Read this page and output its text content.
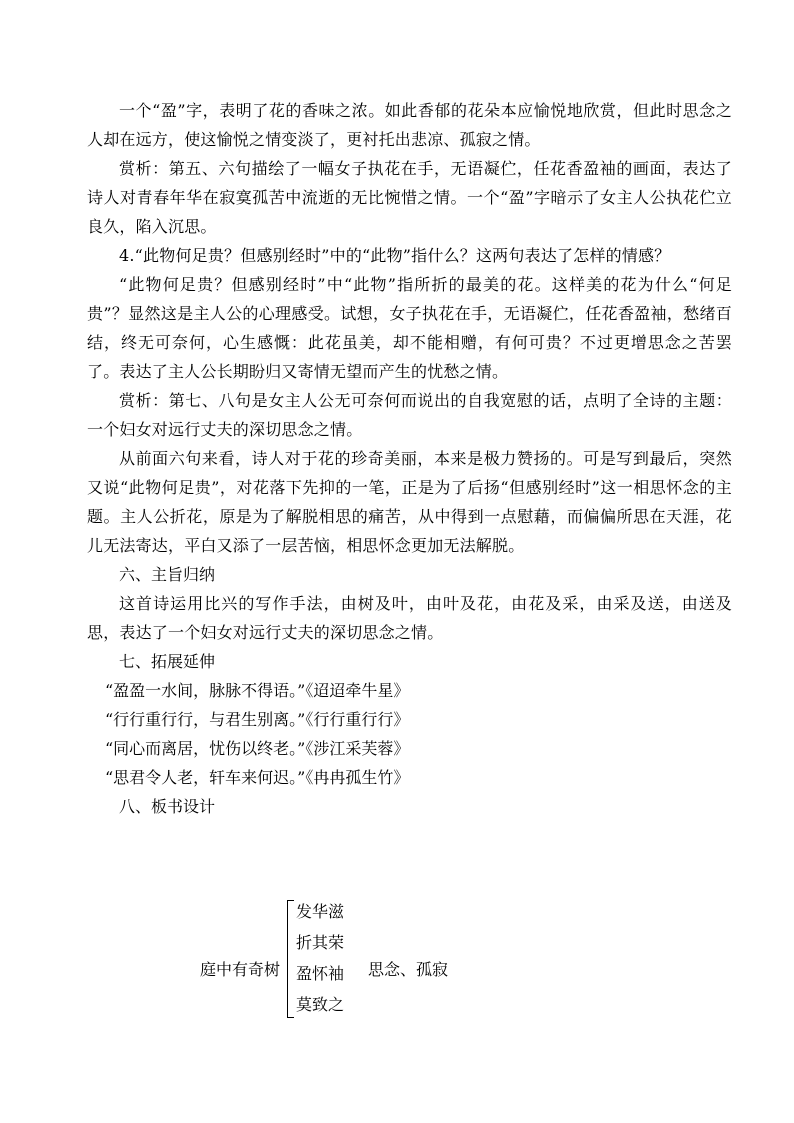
一个“盈”字，表明了花的香味之浓。如此香郁的花朵本应愉悦地欣赏，但此时思念之人却在远方，使这愉悦之情变淡了，更衬托出悲凉、孤寂之情。

赏析：第五、六句描绘了一幅女子执花在手，无语凝伫，任花香盈袖的画面，表达了诗人对青春年华在寂寞孤苦中流逝的无比惋惜之情。一个“盈”字暗示了女主人公执花伫立良久，陷入沉思。

4.“此物何足贵？但感别经时”中的“此物”指什么？这两句表达了怎样的情感？

“此物何足贵？但感别经时”中“此物”指所折的最美的花。这样美的花为什么“何足贵”？显然这是主人公的心理感受。试想，女子执花在手，无语凝伫，任花香盈袖，愁绪百结，终无可奈何，心生感慨：此花虽美，却不能相赠，有何可贵？不过更增思念之苦罢了。表达了主人公长期盼归又寄情无望而产生的忧愁之情。

赏析：第七、八句是女主人公无可奈何而说出的自我宽慰的话，点明了全诗的主题：一个妇女对远行丈夫的深切思念之情。

从前面六句来看，诗人对于花的珍奇美丽，本来是极力赞扬的。可是写到最后，突然又说“此物何足贵”，对花落下先抑的一笔，正是为了后扬“但感别经时”这一相思怀念的主题。主人公折花，原是为了解脱相思的痛苦，从中得到一点慰藉，而偏偏所思在天涯，花儿无法寄达，平白又添了一层苦恼，相思怀念更加无法解脱。

六、主旨归纳

这首诗运用比兴的写作手法，由树及叶，由叶及花，由花及采，由采及送，由送及思，表达了一个妇女对远行丈夫的深切思念之情。

七、拓展延伸

“盈盈一水间，脉脉不得语。”《迢迢牵牛星》

“行行重行行，与君生别离。”《行行重行行》

“同心而离居，忧伤以终老。”《涉江采芙蓉》

“思君令人老，轩车来何迟。”《冉冉孤生竹》

八、板书设计

庭中有奇树
发华滋
折其荣
盈怀袖
莫致之
思念、孤寂
